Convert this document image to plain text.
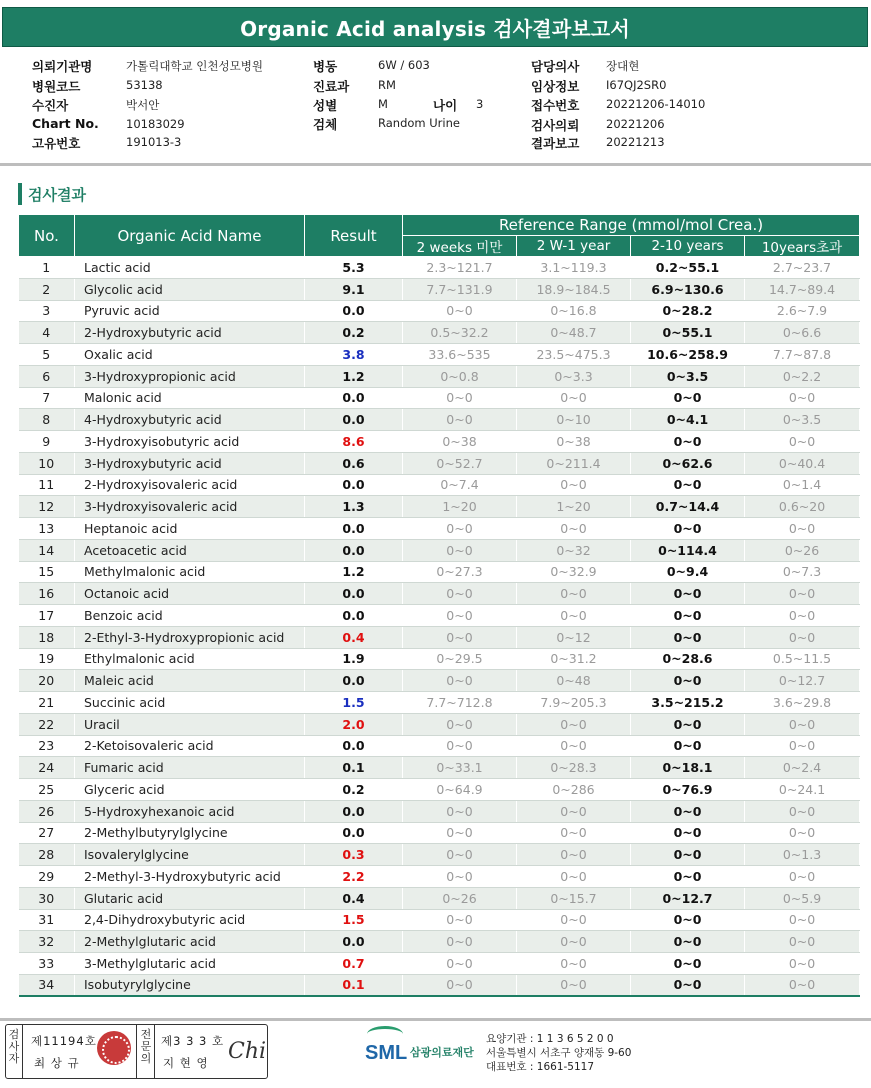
Organic Acid analysis 검사결과보고서
의뢰기관명	가톨릭대학교 인천성모병원
병원코드	53138
수진자	박서안
Chart No. 10183029
고유번호	191013-3
병동	6W / 603
진료과	RM
성별	M	나이 3
검체	Random Urine
담당의사 장대현
임상정보 I67QJ2SR0
접수번호 20221206-14010
검사의뢰 20221206
결과보고 20221213
검사결과
No.	Organic Acid Name	Result	Reference Range (mmol/mol Crea.)			
			2 weeks 미만	2 W-1 year	2-10 years	10years초과
1	Lactic acid	5.3	2.3~121.7	3.1~119.3	0.2~55.1	2.7~23.7
2	Glycolic acid	9.1	7.7~131.9	18.9~184.5	6.9~130.6	14.7~89.4
3	Pyruvic acid	0.0	0~0	0~16.8	0~28.2	2.6~7.9
4	2-Hydroxybutyric acid	0.2	0.5~32.2	0~48.7	0~55.1	0~6.6
5	Oxalic acid	3.8	33.6~535	23.5~475.3	10.6~258.9	7.7~87.8
6	3-Hydroxypropionic acid	1.2	0~0.8	0~3.3	0~3.5	0~2.2
7	Malonic acid	0.0	0~0	0~0	0~0	0~0
8	4-Hydroxybutyric acid	0.0	0~0	0~10	0~4.1	0~3.5
9	3-Hydroxyisobutyric acid	8.6	0~38	0~38	0~0	0~0
10	3-Hydroxybutyric acid	0.6	0~52.7	0~211.4	0~62.6	0~40.4
11	2-Hydroxyisovaleric acid	0.0	0~7.4	0~0	0~0	0~1.4
12	3-Hydroxyisovaleric acid	1.3	1~20	1~20	0.7~14.4	0.6~20
13	Heptanoic acid	0.0	0~0	0~0	0~0	0~0
14	Acetoacetic acid	0.0	0~0	0~32	0~114.4	0~26
15	Methylmalonic acid	1.2	0~27.3	0~32.9	0~9.4	0~7.3
16	Octanoic acid	0.0	0~0	0~0	0~0	0~0
17	Benzoic acid	0.0	0~0	0~0	0~0	0~0
18	2-Ethyl-3-Hydroxypropionic acid	0.4	0~0	0~12	0~0	0~0
19	Ethylmalonic acid	1.9	0~29.5	0~31.2	0~28.6	0.5~11.5
20	Maleic acid	0.0	0~0	0~48	0~0	0~12.7
21	Succinic acid	1.5	7.7~712.8	7.9~205.3	3.5~215.2	3.6~29.8
22	Uracil	2.0	0~0	0~0	0~0	0~0
23	2-Ketoisovaleric acid	0.0	0~0	0~0	0~0	0~0
24	Fumaric acid	0.1	0~33.1	0~28.3	0~18.1	0~2.4
25	Glyceric acid	0.2	0~64.9	0~286	0~76.9	0~24.1
26	5-Hydroxyhexanoic acid	0.0	0~0	0~0	0~0	0~0
27	2-Methylbutyrylglycine	0.0	0~0	0~0	0~0	0~0
28	Isovalerylglycine	0.3	0~0	0~0	0~0	0~1.3
29	2-Methyl-3-Hydroxybutyric acid	2.2	0~0	0~0	0~0	0~0
30	Glutaric acid	0.4	0~26	0~15.7	0~12.7	0~5.9
31	2,4-Dihydroxybutyric acid	1.5	0~0	0~0	0~0	0~0
32	2-Methylglutaric acid	0.0	0~0	0~0	0~0	0~0
33	3-Methylglutaric acid	0.7	0~0	0~0	0~0	0~0
34	Isobutyrylglycine	0.1	0~0	0~0	0~0	0~0
검
사
자
제11194호
최 상 규
전
문
의
제3 3 3 호
지 현 영 Chi	SML 삼광의료재단
요양기관 : 1 1 3 6 5 2 0 0
서울특별시 서초구 양재동 9-60
대표번호 : 1661-5117
